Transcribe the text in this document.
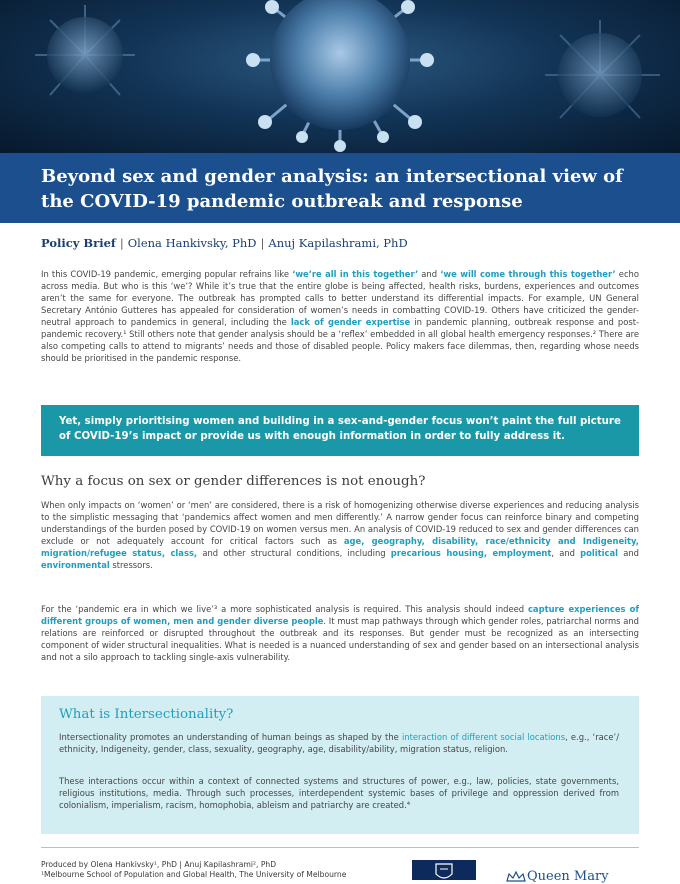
Beyond sex and gender analysis: an intersectional view of the COVID-19 pandemic outbreak and response
Policy Brief | Olena Hankivsky, PhD | Anuj Kapilashrami, PhD

In this COVID-19 pandemic, emerging popular refrains like ‘we’re all in this together’ and ‘we will come through this together’ echo across media. But who is this ‘we’? While it’s true that the entire globe is being affected, health risks, burdens, experiences and outcomes aren’t the same for everyone. The outbreak has prompted calls to better understand its differential impacts. For example, UN General Secretary António Gutteres has appealed for consideration of women’s needs in combatting COVID-19. Others have criticized the gender-neutral approach to pandemics in general, including the lack of gender expertise in pandemic planning, outbreak response and post-pandemic recovery.¹ Still others note that gender analysis should be a ‘reflex’ embedded in all global health emergency responses.² There are also competing calls to attend to migrants’ needs and those of disabled people. Policy makers face dilemmas, then, regarding whose needs should be prioritised in the pandemic response.

Yet, simply prioritising women and building in a sex-and-gender focus won’t paint the full picture of COVID-19’s impact or provide us with enough information in order to fully address it.

Why a focus on sex or gender differences is not enough?

When only impacts on ‘women’ or ‘men’ are considered, there is a risk of homogenizing otherwise diverse experiences and reducing analysis to the simplistic messaging that ‘pandemics affect women and men differently.’ A narrow gender focus can reinforce binary and competing understandings of the burden posed by COVID-19 on women versus men. An analysis of COVID-19 reduced to sex and gender differences can exclude or not adequately account for critical factors such as age, geography, disability, race/ethnicity and Indigeneity, migration/refugee status, class, and other structural conditions, including precarious housing, employment, and political and environmental stressors.

For the ‘pandemic era in which we live’³ a more sophisticated analysis is required. This analysis should indeed capture experiences of different groups of women, men and gender diverse people. It must map pathways through which gender roles, patriarchal norms and relations are reinforced or disrupted throughout the outbreak and its responses. But gender must be recognized as an intersecting component of wider structural inequalities. What is needed is a nuanced understanding of sex and gender based on an intersectional analysis and not a silo approach to tackling single-axis vulnerability.

What is Intersectionality?

Intersectionality promotes an understanding of human beings as shaped by the interaction of different social locations, e.g., ‘race’/ ethnicity, Indigeneity, gender, class, sexuality, geography, age, disability/ability, migration status, religion.

These interactions occur within a context of connected systems and structures of power, e.g., law, policies, state governments, religious institutions, media. Through such processes, interdependent systemic bases of privilege and oppression derived from colonialism, imperialism, racism, homophobia, ableism and patriarchy are created.⁴

Produced by Olena Hankivsky¹, PhD | Anuj Kapilashrami², PhD
¹Melbourne School of Population and Global Health, The University of Melbourne	Queen Mary
